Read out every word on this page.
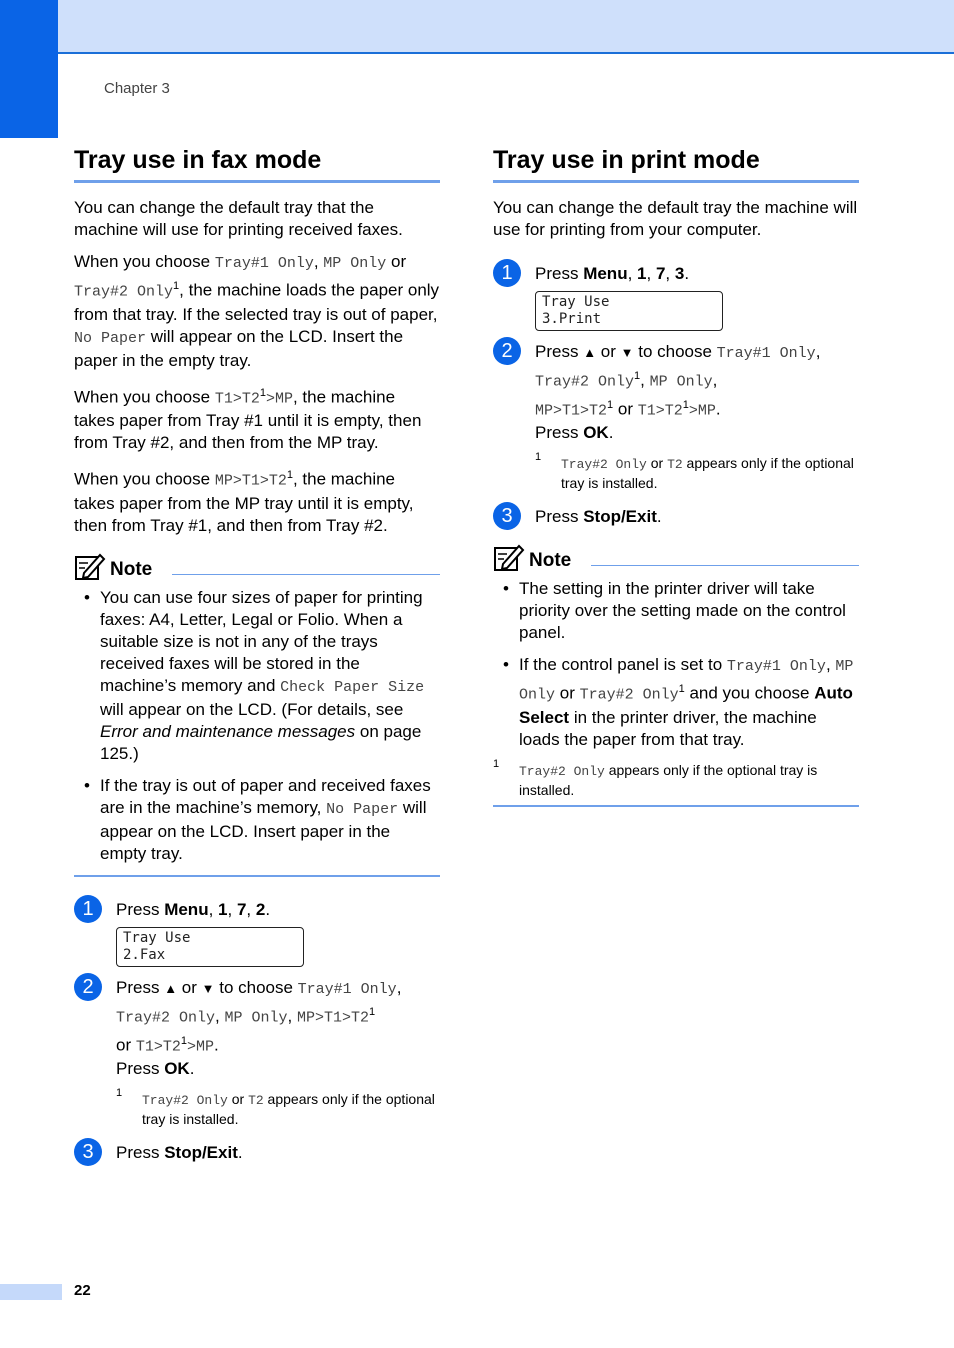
Chapter 3
Tray use in fax mode

You can change the default tray that the machine will use for printing received faxes.

When you choose Tray#1 Only, MP Only or Tray#2 Only$^1$, the machine loads the paper only from that tray. If the selected tray is out of paper, No Paper will appear on the LCD. Insert the paper in the empty tray.

When you choose $T1>T2^1>MP$, the machine takes paper from Tray #1 until it is empty, then from Tray #2, and then from the MP tray.

When you choose $MP>T1>T2^1$, the machine takes paper from the MP tray until it is empty, then from Tray #1, and then from Tray #2.

Note
• You can use four sizes of paper for printing faxes: A4, Letter, Legal or Folio. When a suitable size is not in any of the trays received faxes will be stored in the machine’s memory and Check Paper Size will appear on the LCD. (For details, see Error and maintenance messages on page 125.)
• If the tray is out of paper and received faxes are in the machine’s memory, No Paper will appear on the LCD. Insert paper in the empty tray.
1	Press Menu, 1, 7, 2.
Tray Use
2.Fax
2	Press ▲ or ▼ to choose Tray#1 Only, Tray#2 Only, MP Only, $MP>T1>T2^1$
or $T1>T2^1>MP$.
Press OK.
1 Tray#2 Only or T2 appears only if the optional tray is installed.
3	Press Stop/Exit.
Tray use in print mode

You can change the default tray the machine will use for printing from your computer.

1	Press Menu, 1, 7, 3.
Tray Use
3.Print
2	Press ▲ or ▼ to choose Tray#1 Only,
Tray#2 Only$^1$, MP Only,
$MP>T1>T2^1$ or $T1>T2^1>MP$.
Press OK.
1 Tray#2 Only or T2 appears only if the optional tray is installed.
3	Press Stop/Exit.
Note
• The setting in the printer driver will take priority over the setting made on the control panel.
• If the control panel is set to Tray#1 Only, MP Only or Tray#2 Only$^1$ and you choose Auto Select in the printer driver, the machine loads the paper from that tray.
1 Tray#2 Only appears only if the optional tray is installed.
22
